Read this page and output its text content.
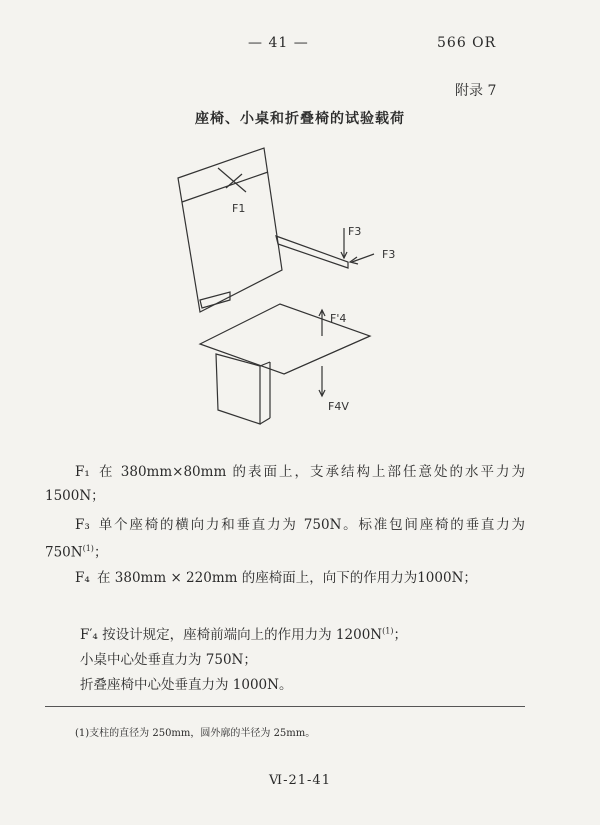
— 41 —	566 OR
附录 7
座椅、小桌和折叠椅的试验载荷
F1
F3
F3
F'4
F4V
F₁ 在 380mm×80mm 的表面上，支承结构上部任意处的水平力为 1500N；
F₃ 单个座椅的横向力和垂直力为 750N。标准包间座椅的垂直力为 $750N^{(1)}$；
F₄ 在 380mm × 220mm 的座椅面上，向下的作用力为1000N；
F′₄ 按设计规定，座椅前端向上的作用力为 $1200N^{(1)}$；
小桌中心处垂直力为 750N；
折叠座椅中心处垂直力为 1000N。
(1)支柱的直径为 250mm，圆外廓的半径为 25mm。
Ⅵ-21-41
